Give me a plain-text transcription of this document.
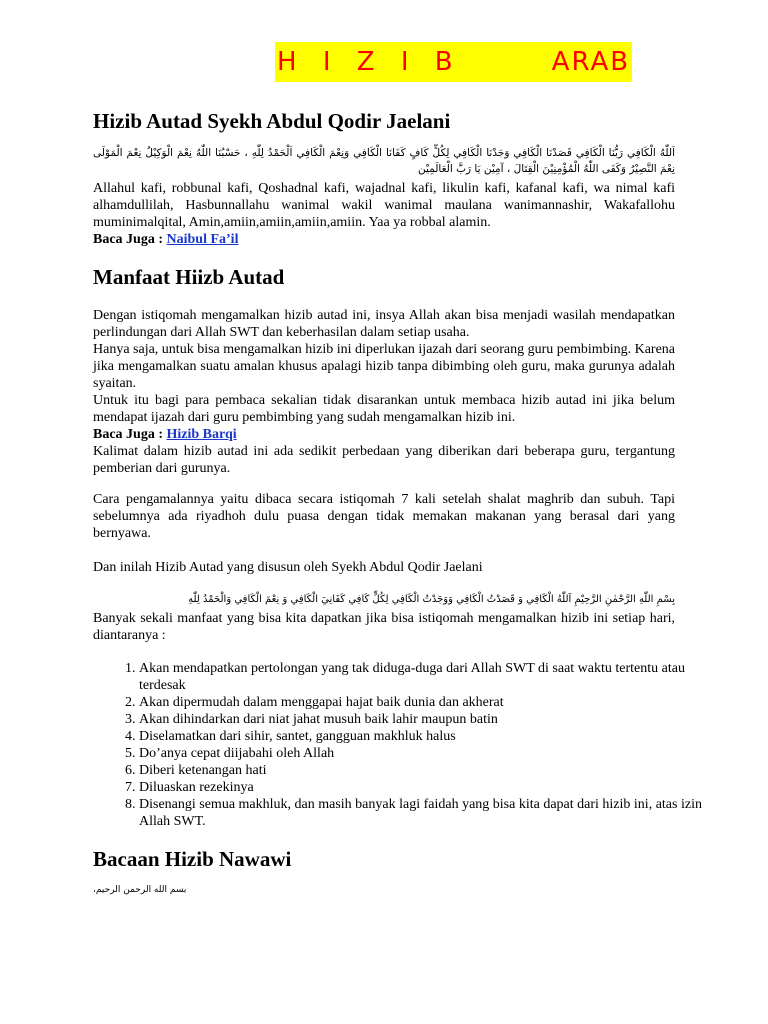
H I Z I B    ARAB
Hizib Autad Syekh Abdul Qodir Jaelani
اَللّٰهُ الْكَافِي رَبُّنَا الْكَافِي قَصَدْنَا الْكَافِي وَجَدْنَا الْكَافِي لِكُلٍّ كَافٍ كَفَانَا الْكَافِي وَنِعْمَ الْكَافِي اَلْحَمْدُ لِلّٰهِ ، حَسْبُنَا اللّٰهُ نِعْمَ الْوَكِيْلُ نِعْمَ الْمَوْلَى نِعْمَ النَّصِيْرُ وَكَفَى اللّٰهُ الْمُؤْمِنِيْنَ الْقِتَالَ ، آمِيْن يَا رَبَّ الْعَالَمِيْن

Allahul kafi, robbunal kafi, Qoshadnal kafi, wajadnal kafi, likulin kafi, kafanal kafi, wa nimal kafi alhamdullilah, Hasbunnallahu wanimal wakil wanimal maulana wanimannashir, Wakafallohu muminimalqital, Amin,amiin,amiin,amiin,amiin. Yaa ya robbal alamin.

Baca Juga : Naibul Fa’il

Manfaat Hiizb Autad

Dengan istiqomah mengamalkan hizib autad ini, insya Allah akan bisa menjadi wasilah mendapatkan perlindungan dari Allah SWT dan keberhasilan dalam setiap usaha.

Hanya saja, untuk bisa mengamalkan hizib ini diperlukan ijazah dari seorang guru pembimbing. Karena jika mengamalkan suatu amalan khusus apalagi hizib tanpa dibimbing oleh guru, maka gurunya adalah syaitan.

Untuk itu bagi para pembaca sekalian tidak disarankan untuk membaca hizib autad ini jika belum mendapat ijazah dari guru pembimbing yang sudah mengamalkan hizib ini.

Baca Juga : Hizib Barqi

Kalimat dalam hizib autad ini ada sedikit perbedaan yang diberikan dari beberapa guru, tergantung pemberian dari gurunya.

Cara pengamalannya yaitu dibaca secara istiqomah 7 kali setelah shalat maghrib dan subuh. Tapi sebelumnya ada riyadhoh dulu puasa dengan tidak memakan makanan yang berasal dari yang bernyawa.
Dan inilah Hizib Autad yang disusun oleh Syekh Abdul Qodir Jaelani
بِسْمِ اللّٰهِ الرَّحْمٰنِ الرَّحِيْمِ اَللّٰهُ الْكَافِي وَ قَصَدْتُ الْكَافِي وَوَجَدْتُ الْكَافِي لِكُلٍّ كَافِي كَفَانِيَ الْكَافِي وَ نِعْمَ الْكَافِي وَالْحَمْدُ لِلّٰهِ
Banyak sekali manfaat yang bisa kita dapatkan jika bisa istiqomah mengamalkan hizib ini setiap hari, diantaranya :
1. Akan mendapatkan pertolongan yang tak diduga-duga dari Allah SWT di saat waktu tertentu atau terdesak
2. Akan dipermudah dalam menggapai hajat baik dunia dan akherat
3. Akan dihindarkan dari niat jahat musuh baik lahir maupun batin
4. Diselamatkan dari sihir, santet, gangguan makhluk halus
5. Do’anya cepat diijabahi oleh Allah
6. Diberi ketenangan hati
7. Diluaskan rezekinya
8. Disenangi semua makhluk, dan masih banyak lagi faidah yang bisa kita dapat dari hizib ini, atas izin Allah SWT.
Bacaan Hizib Nawawi
بسم الله الرحمن الرحيم،
